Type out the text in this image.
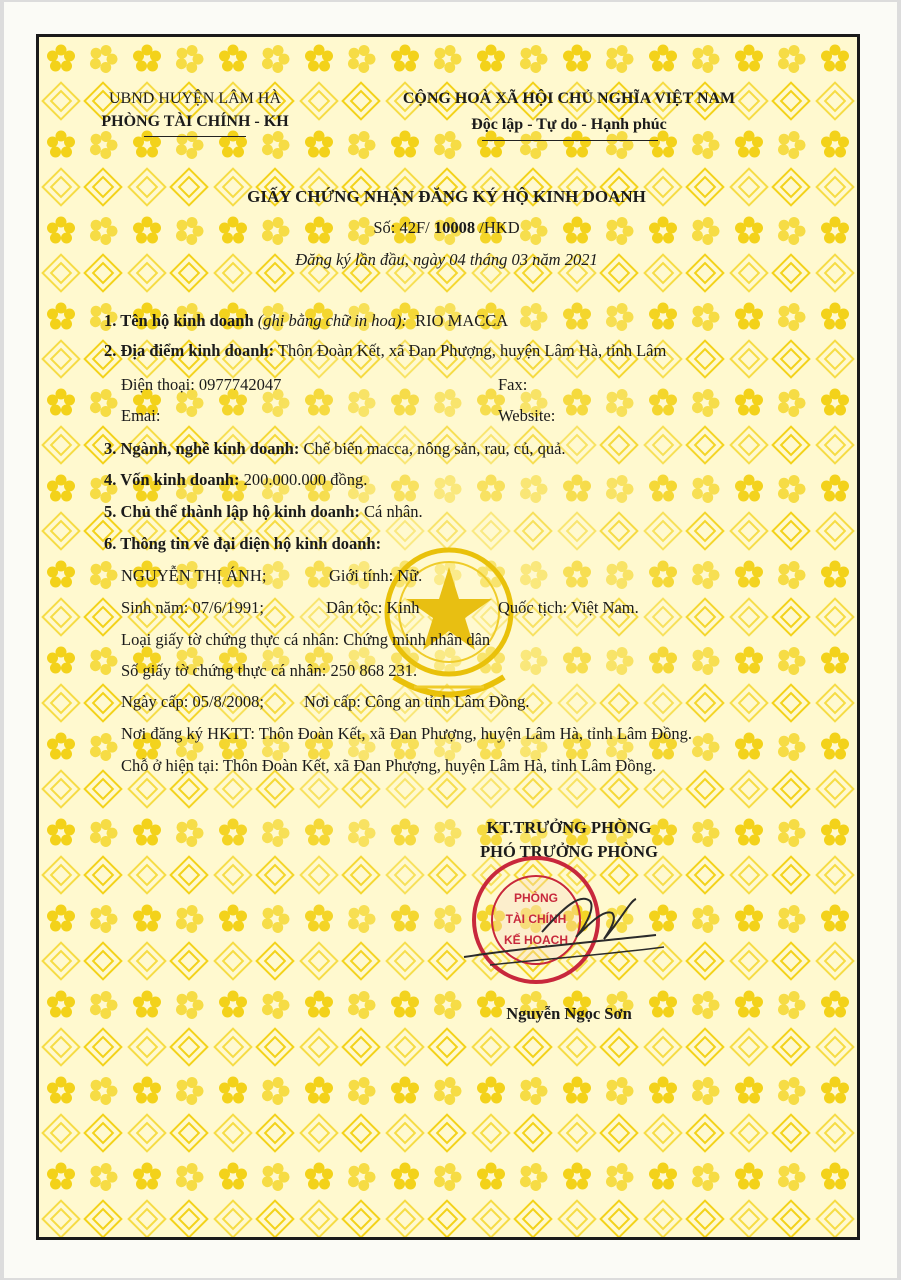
UBND HUYỆN LÂM HÀ
PHÒNG TÀI CHÍNH - KH
CỘNG HOÀ XÃ HỘI CHỦ NGHĨA VIỆT NAM
Độc lập - Tự do - Hạnh phúc
GIẤY CHỨNG NHẬN ĐĂNG KÝ HỘ KINH DOANH
Số: 42F/ 10008 /HKD
Đăng ký lần đầu, ngày 04 tháng 03 năm 2021
1. Tên hộ kinh doanh (ghi bằng chữ in hoa): RIO MACCA
2. Địa điểm kinh doanh: Thôn Đoàn Kết, xã Đan Phượng, huyện Lâm Hà, tỉnh Lâm
Điện thoại: 0977742047	Fax:
Emai:	Website:
3. Ngành, nghề kinh doanh: Chế biến macca, nông sản, rau, củ, quả.
4. Vốn kinh doanh: 200.000.000 đồng.
5. Chủ thể thành lập hộ kinh doanh: Cá nhân.
6. Thông tin về đại diện hộ kinh doanh:
NGUYỄN THỊ ÁNH;	Giới tính: Nữ.
Sinh năm: 07/6/1991;	Dân tộc: Kinh	Quốc tịch: Việt Nam.
Loại giấy tờ chứng thực cá nhân: Chứng minh nhân dân
Số giấy tờ chứng thực cá nhân: 250 868 231.
Ngày cấp: 05/8/2008; Nơi cấp: Công an tỉnh Lâm Đồng.
Nơi đăng ký HKTT: Thôn Đoàn Kết, xã Đan Phượng, huyện Lâm Hà, tỉnh Lâm Đồng.
Chỗ ở hiện tại: Thôn Đoàn Kết, xã Đan Phượng, huyện Lâm Hà, tỉnh Lâm Đồng.
KT.TRƯỞNG PHÒNG
PHÓ TRƯỞNG PHÒNG
PHÒNG
TÀI CHÍNH
KẾ HOẠCH
Nguyễn Ngọc Sơn
